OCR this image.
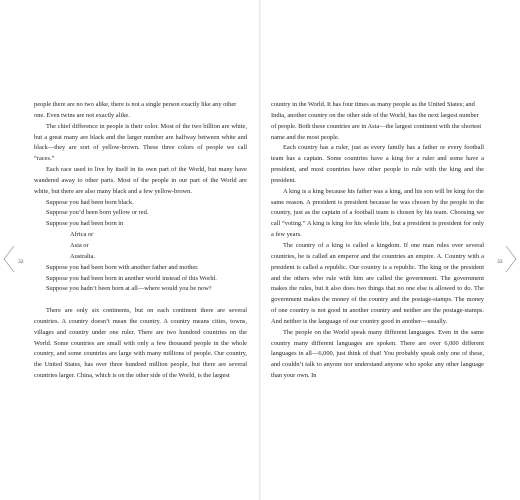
32	33

people there are no two alike, there is not a single person exactly like any other one. Even twins are not exactly alike.

The chief difference in people is their color. Most of the two billion are white, but a great many are black and the larger number are halfway between white and black—they are sort of yellow-brown. These three colors of people we call “races.”

Each race used to live by itself in its own part of the World, but many have wandered away to other parts. Most of the people in our part of the World are white, but there are also many black and a few yellow-brown.

Suppose you had been born black.

Suppose you’d been born yellow or red.

Suppose you had been born in

Africa or

Asia or

Australia.

Suppose you had been born with another father and mother.

Suppose you had been born in another world instead of this World.

Suppose you hadn’t been born at all—where would you be now?

There are only six continents, but on each continent there are several countries. A country doesn’t mean the country. A country means cities, towns, villages and country under one ruler. There are two hundred countries on the World. Some countries are small with only a few thousand people in the whole country, and some countries are large with many millions of people. Our country, the United States, has over three hundred million people, but there are several countries larger. China, which is on the other side of the World, is the largest

country in the World. It has four times as many people as the United States; and India, another country on the other side of the World, has the next largest number of people. Both these countries are in Asia—the largest continent with the shortest name and the most people.

Each country has a ruler, just as every family has a father or every football team has a captain. Some countries have a king for a ruler and some have a president, and most countries have other people to rule with the king and the president.

A king is a king because his father was a king, and his son will be king for the same reason. A president is president because he was chosen by the people in the country, just as the captain of a football team is chosen by his team. Choosing we call “voting.” A king is king for his whole life, but a president is president for only a few years.

The country of a king is called a kingdom. If one man rules over several countries, he is called an emperor and the countries an empire. A. Country with a president is called a republic. Our country is a republic. The king or the president and the others who rule with him are called the government. The government makes the rules, but it also does two things that no one else is allowed to do. The government makes the money of the country and the postage-stamps. The money of one country is not good in another country and neither are the postage-stamps. And neither is the language of our country good in another—usually.

The people on the World speak many different languages. Even in the same country many different languages are spoken. There are over 6,000 different languages in all—6,000, just think of that! You probably speak only one of these, and couldn’t talk to anyone nor understand anyone who spoke any other language than your own. In
